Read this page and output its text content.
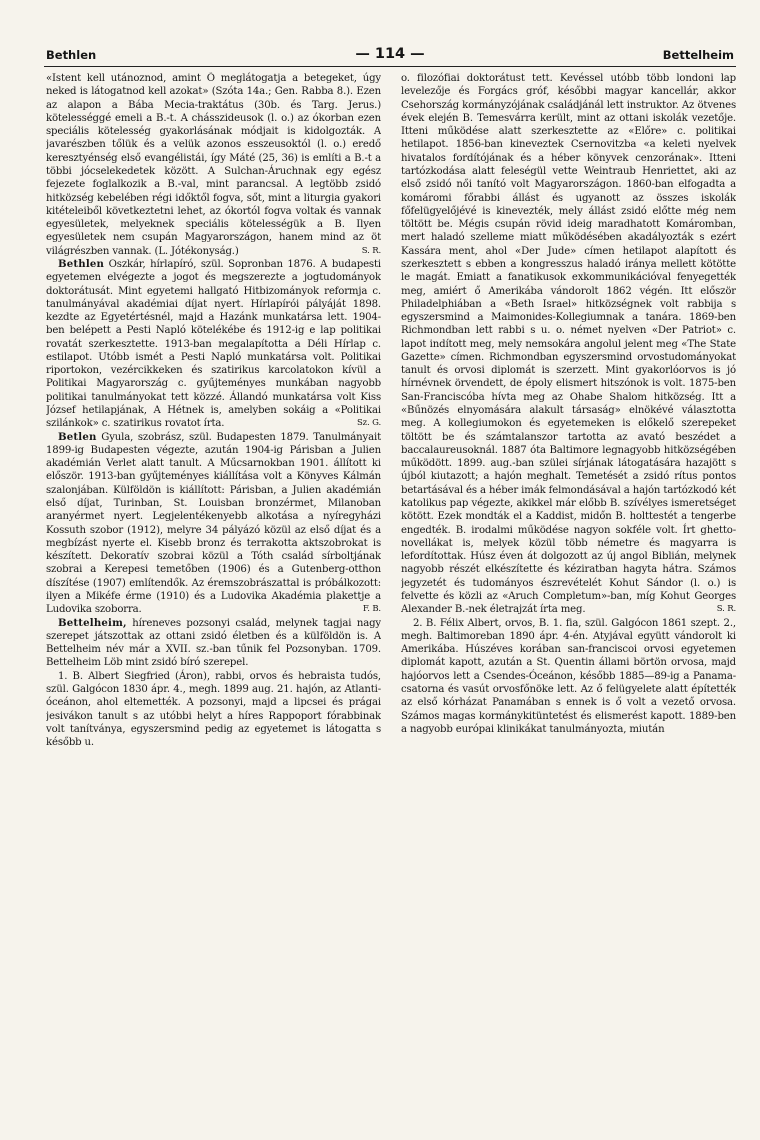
Bethlen	— 114 —	Bettelheim

«Istent kell utánoznod, amint Ő meglátogatja a betegeket, úgy neked is látogatnod kell azokat» (Szóta 14a.; Gen. Rabba 8.). Ezen az alapon a Bába Mecia-traktátus (30b. és Targ. Jerus.) kötelességgé emeli a B.-t. A chásszideusok (l. o.) az ókorban ezen speciális kötelesség gyakorlásának módjait is kidolgozták. A javarészben tőlük és a velük azonos esszeusoktól (l. o.) eredő keresztyénség első evangélistái, így Máté (25, 36) is említi a B.-t a többi jócselekedetek között. A Sulchan-Áruchnak egy egész fejezete foglalkozik a B.-val, mint parancsal. A legtöbb zsidó hitközség kebelében régi időktől fogva, sőt, mint a liturgia gyakori kitételeiből következtetni lehet, az ókortól fogva voltak és vannak egyesületek, melyeknek speciális kötelességük a B. Ilyen egyesületek nem csupán Magyarországon, hanem mind az öt világrészben vannak. (L. Jótékonyság.)	S. R.

Bethlen Oszkár, hírlapíró, szül. Sopronban 1876. A budapesti egyetemen elvégezte a jogot és megszerezte a jogtudományok doktorátusát. Mint egyetemi hallgató Hitbizományok reformja c. tanulmányával akadémiai díjat nyert. Hírlapírói pályáját 1898. kezdte az Egyetértésnél, majd a Hazánk munkatársa lett. 1904-ben belépett a Pesti Napló kötelékébe és 1912-ig e lap politikai rovatát szerkesztette. 1913-ban megalapította a Déli Hírlap c. estilapot. Utóbb ismét a Pesti Napló munkatársa volt. Politikai riportokon, vezércikkeken és szatirikus karcolatokon kívül a Politikai Magyarország c. gyűjteményes munkában nagyobb politikai tanulmányokat tett közzé. Állandó munkatársa volt Kiss József hetilapjának, A Hétnek is, amelyben sokáig a «Politikai szilánkok» c. szatirikus rovatot írta.	Sz. G.

Betlen Gyula, szobrász, szül. Budapesten 1879. Tanulmányait 1899-ig Budapesten végezte, azután 1904-ig Párisban a Julien akadémián Verlet alatt tanult. A Műcsarnokban 1901. állított ki először. 1913-ban gyűjteményes kiállítása volt a Könyves Kálmán szalonjában. Külföldön is kiállított: Párisban, a Julien akadémián első díjat, Turinban, St. Louisban bronzérmet, Milanoban aranyérmet nyert. Legjelentékenyebb alkotása a nyíregyházi Kossuth szobor (1912), melyre 34 pályázó közül az első díjat és a megbízást nyerte el. Kisebb bronz és terrakotta aktszobrokat is készített. Dekoratív szobrai közül a Tóth család sírboltjának szobrai a Kerepesi temetőben (1906) és a Gutenberg-otthon díszítése (1907) említendők. Az éremszobrászattal is próbálkozott: ilyen a Mikéfe érme (1910) és a Ludovika Akadémia plakettje a Ludovika szoborra.	F. B.

Bettelheim, híreneves pozsonyi család, melynek tagjai nagy szerepet játszottak az ottani zsidó életben és a külföldön is. A Bettelheim név már a XVII. sz.-ban tűnik fel Pozsonyban. 1709. Bettelheim Löb mint zsidó bíró szerepel.

1. B. Albert Siegfried (Áron), rabbi, orvos és hebraista tudós, szül. Galgócon 1830 ápr. 4., megh. 1899 aug. 21. hajón, az Atlanti-óceánon, ahol eltemették. A pozsonyi, majd a lipcsei és prágai jesivákon tanult s az utóbbi helyt a híres Rappoport fórabbinak volt tanítványa, egyszersmind pedig az egyetemet is látogatta s később u.

o. filozófiai doktorátust tett. Kevéssel utóbb több londoni lap levelezője és Forgács gróf, későbbi magyar kancellár, akkor Csehország kormányzójának családjánál lett instruktor. Az ötvenes évek elején B. Temesvárra került, mint az ottani iskolák vezetője. Itteni működése alatt szerkesztette az «Előre» c. politikai hetilapot. 1856-ban kineveztek Csernovitzba «a keleti nyelvek hivatalos fordítójának és a héber könyvek cenzorának». Itteni tartózkodása alatt feleségül vette Weintraub Henriettet, aki az első zsidó női tanító volt Magyarországon. 1860-ban elfogadta a komáromi főrabbi állást és ugyanott az összes iskolák főfelügyelőjévé is kinevezték, mely állást zsidó előtte még nem töltött be. Mégis csupán rövid ideig maradhatott Komáromban, mert haladó szelleme miatt működésében akadályozták s ezért Kassára ment, ahol «Der Jude» címen hetilapot alapított és szerkesztett s ebben a kongresszus haladó iránya mellett kötötte le magát. Emiatt a fanatikusok exkommunikációval fenyegették meg, amiért ő Amerikába vándorolt 1862 végén. Itt először Philadelphiában a «Beth Israel» hitközségnek volt rabbija s egyszersmind a Maimonides-Kollegiumnak a tanára. 1869-ben Richmondban lett rabbi s u. o. német nyelven «Der Patriot» c. lapot indított meg, mely nemsokára angolul jelent meg «The State Gazette» címen. Richmondban egyszersmind orvostudományokat tanult és orvosi diplomát is szerzett. Mint gyakorlóorvos is jó hírnévnek örvendett, de époly elismert hitszónok is volt. 1875-ben San-Franciscóba hívta meg az Ohabe Shalom hitközség. Itt a «Bűnözés elnyomására alakult társaság» elnökévé választotta meg. A kollegiumokon és egyetemeken is előkelő szerepeket töltött be és számtalanszor tartotta az avató beszédet a baccalaureusoknál. 1887 óta Baltimore legnagyobb hitközségében működött. 1899. aug.-ban szülei sírjának látogatására hazajött s újból kiutazott; a hajón meghalt. Temetését a zsidó rítus pontos betartásával és a héber imák felmondásával a hajón tartózkodó két katolikus pap végezte, akikkel már előbb B. szívélyes ismeretséget kötött. Ezek mondták el a Kaddist, midőn B. holttestét a tengerbe engedték. B. irodalmi működése nagyon sokféle volt. Írt ghetto-novellákat is, melyek közül több németre és magyarra is lefordítottak. Húsz éven át dolgozott az új angol Biblián, melynek nagyobb részét elkészítette és kéziratban hagyta hátra. Számos jegyzetét és tudományos észrevételét Kohut Sándor (l. o.) is felvette és közli az «Aruch Completum»-ban, míg Kohut Georges Alexander B.-nek életrajzát írta meg.	S. R.

2. B. Félix Albert, orvos, B. 1. fia, szül. Galgócon 1861 szept. 2., megh. Baltimoreban 1890 ápr. 4-én. Atyjával együtt vándorolt ki Amerikába. Húszéves korában san-franciscoi orvosi egyetemen diplomát kapott, azután a St. Quentin állami börtön orvosa, majd hajóorvos lett a Csendes-Óceánon, később 1885—89-ig a Panama-csatorna és vasút orvosfőnöke lett. Az ő felügyelete alatt építették az első kórházat Panamában s ennek is ő volt a vezető orvosa. Számos magas kormánykitüntetést és elismerést kapott. 1889-ben a nagyobb európai klinikákat tanulmányozta, miután
